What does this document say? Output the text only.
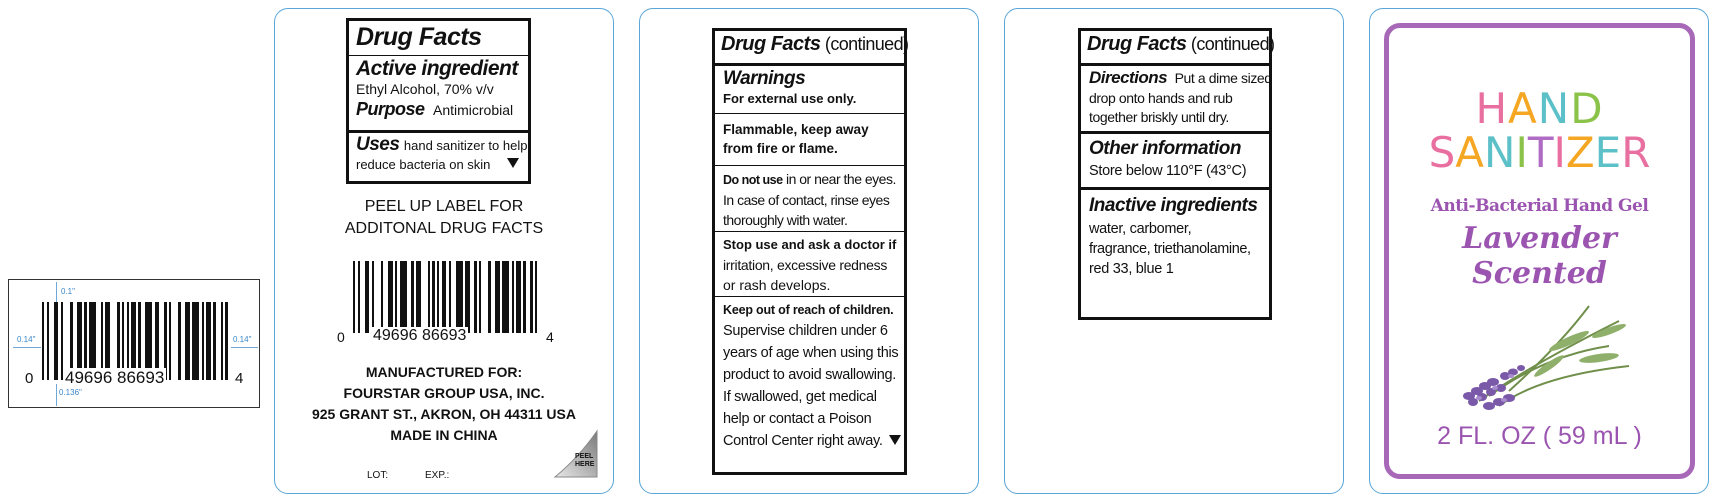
0 49696 86693	4
0.1"
0.14"	0.14"
0.136"
Drug Facts
Active ingredient
Ethyl Alcohol, 70% v/v
Purpose Antimicrobial
Uses hand sanitizer to help
reduce bacteria on skin
PEEL UP LABEL FOR
ADDITONAL DRUG FACTS
0 49696 86693	4
MANUFACTURED FOR:
FOURSTAR GROUP USA, INC.
925 GRANT ST., AKRON, OH 44311 USA
MADE IN CHINA
LOT:	EXP.:
PEEL
HERE
Drug Facts (continued)
Warnings
For external use only.
Flammable, keep away
from fire or flame.
Do not use in or near the eyes.
In case of contact, rinse eyes
thoroughly with water.
Stop use and ask a doctor if
irritation, excessive redness
or rash develops.
Keep out of reach of children.
Supervise children under 6
years of age when using this
product to avoid swallowing.
If swallowed, get medical
help or contact a Poison
Control Center right away.
Drug Facts (continued)
Directions Put a dime sized
drop onto hands and rub
together briskly until dry.
Other information
Store below 110°F (43°C)
Inactive ingredients
water, carbomer,
fragrance, triethanolamine,
red 33, blue 1
HAND
SANITIZER
Anti-Bacterial Hand Gel
Lavender
Scented
2 FL. OZ ( 59 mL )
